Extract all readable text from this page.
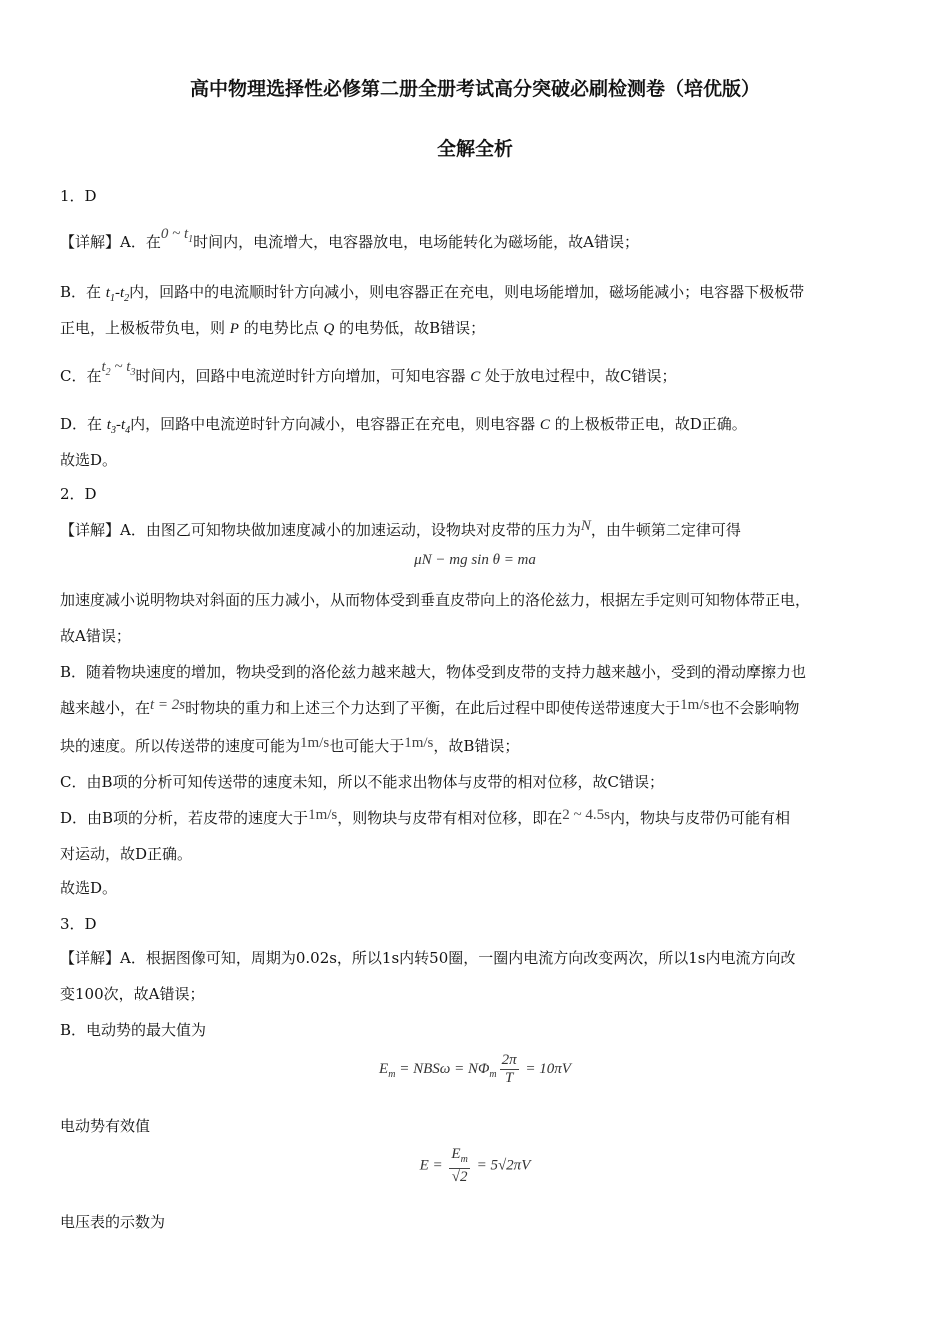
高中物理选择性必修第二册全册考试高分突破必刷检测卷（培优版）
全解全析
1．D
【详解】A．在0 ~ $t_1$时间内，电流增大，电容器放电，电场能转化为磁场能，故A错误；
B．在 $t_1-t_2$内，回路中的电流顺时针方向减小，则电容器正在充电，则电场能增加，磁场能减小；电容器下极板带
正电，上极板带负电，则 P 的电势比点 Q 的电势低，故B错误；
C．在$t_2$ ~ $t_3$时间内，回路中电流逆时针方向增加，可知电容器 C 处于放电过程中，故C错误；
D．在 $t_3-t_4$内，回路中电流逆时针方向减小，电容器正在充电，则电容器 C 的上极板带正电，故D正确。
故选D。
2．D
【详解】A．由图乙可知物块做加速度减小的加速运动，设物块对皮带的压力为N，由牛顿第二定律可得
μN − mg sin θ = ma
加速度减小说明物块对斜面的压力减小，从而物体受到垂直皮带向上的洛伦兹力，根据左手定则可知物体带正电，
故A错误；
B．随着物块速度的增加，物块受到的洛伦兹力越来越大，物体受到皮带的支持力越来越小，受到的滑动摩擦力也
越来越小，在t = 2s时物块的重力和上述三个力达到了平衡，在此后过程中即使传送带速度大于1m/s也不会影响物
块的速度。所以传送带的速度可能为1m/s也可能大于1m/s，故B错误；
C．由B项的分析可知传送带的速度未知，所以不能求出物体与皮带的相对位移，故C错误；
D．由B项的分析，若皮带的速度大于1m/s，则物块与皮带有相对位移，即在2 ~ 4.5s内，物块与皮带仍可能有相
对运动，故D正确。
故选D。
3．D
【详解】A．根据图像可知，周期为0.02s，所以1s内转50圈，一圈内电流方向改变两次，所以1s内电流方向改
变100次，故A错误；
B．电动势的最大值为
$E_m = NBS\omega = N\Phi_m \frac{2\pi}{T} = 10\pi V$
电动势有效值
$E = \frac{E_m}{√2} = 5√2\pi V$
电压表的示数为
